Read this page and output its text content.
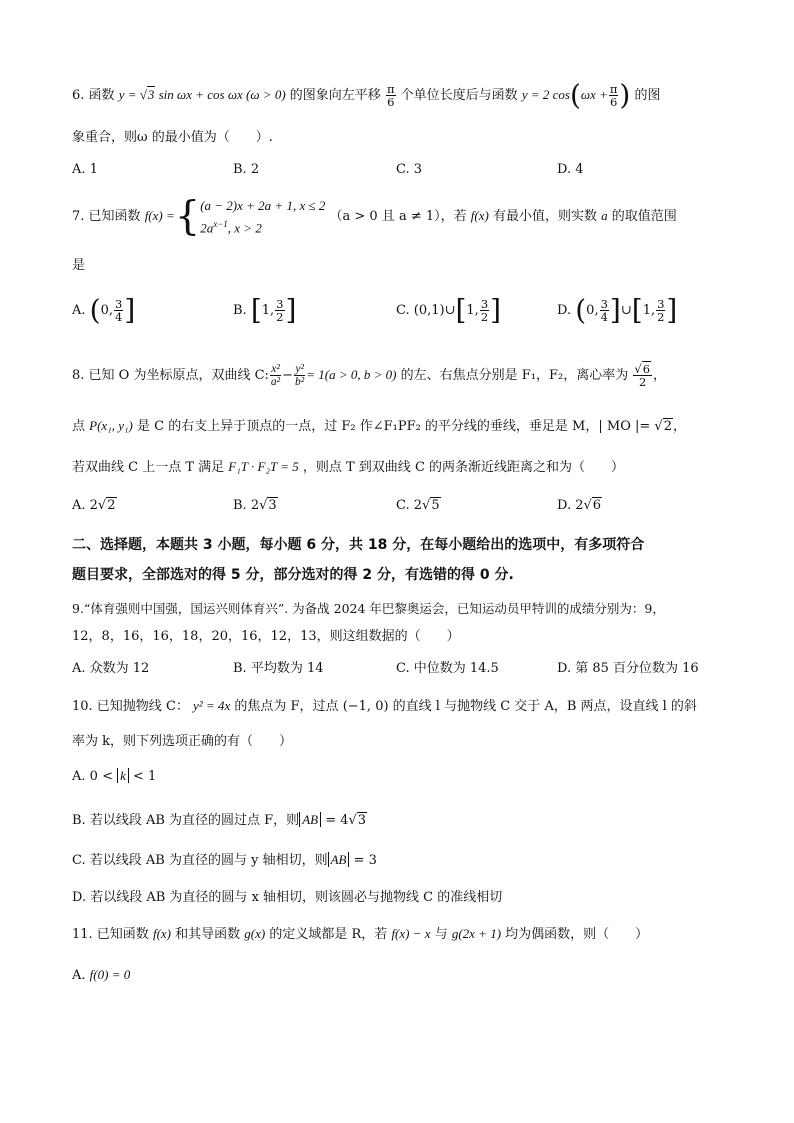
6. 函数 y = √3 sin ωx + cos ωx (ω > 0) 的图象向左平移 $\frac{\pi}{6}$ 个单位长度后与函数 y = 2 $\cos(\omega x + \frac{\pi}{6}$ ) 的图
象重合，则ω 的最小值为（　　）.
A. 1	B. 2	C. 3	D. 4
7. 已知函数 f(x) ={ (a − 2)x + 2a + 1, x ≤ 2
$2a^{x-1}$, x > 2
（a > 0 且 a ≠ 1），若 f(x) 有最小值，则实数 a 的取值范围
是
A. (0, $\frac{3}{4}$ ]	B. [1, $\frac{3}{2}$ ]	C. (0,1)∪[1, $\frac{3}{2}$ ]	D. (0, $\frac{3}{4}$ ]∪[1, $\frac{3}{2}$ ]
8. 已知 O 为坐标原点，双曲线 C: $\frac{\text{x²}}{\text{a²}} - \frac{\text{y²}}{\text{b²}} = 1(a > 0$, b > 0) 的左、右焦点分别是 F₁，F₂，离心率为 $\frac{√6}{2}$ ，
点 P(x₁, y₁) 是 C 的右支上异于顶点的一点，过 F₂ 作∠F₁PF₂ 的平分线的垂线，垂足是 M，| MO |= √2，
若双曲线 C 上一点 T 满足 F₁T · F₂T = 5 ，则点 T 到双曲线 C 的两条渐近线距离之和为（　　）
A. 2√2	B. 2√3	C. 2√5	D. 2√6
二、选择题，本题共 3 小题，每小题 6 分，共 18 分，在每小题给出的选项中，有多项符合
题目要求，全部选对的得 5 分，部分选对的得 2 分，有选错的得 0 分.
9.“体育强则中国强，国运兴则体育兴”. 为备战 2024 年巴黎奥运会，已知运动员甲特训的成绩分别为：9，
12，8，16，16，18，20，16，12，13，则这组数据的（　　）
A. 众数为 12	B. 平均数为 14	C. 中位数为 14.5	D. 第 85 百分位数为 16
10. 已知抛物线 C： y² = 4x 的焦点为 F，过点 (−1, 0) 的直线 l 与抛物线 C 交于 A，B 两点，设直线 l 的斜
率为 k，则下列选项正确的有（　　）
A. 0 < k < 1
B. 若以线段 AB 为直径的圆过点 F，则 AB = 4√3
C. 若以线段 AB 为直径的圆与 y 轴相切，则 AB = 3
D. 若以线段 AB 为直径的圆与 x 轴相切，则该圆必与抛物线 C 的准线相切
11. 已知函数 f(x) 和其导函数 g(x) 的定义域都是 R，若 f(x) − x 与 g(2x + 1) 均为偶函数，则（　　）
A. f(0) = 0
